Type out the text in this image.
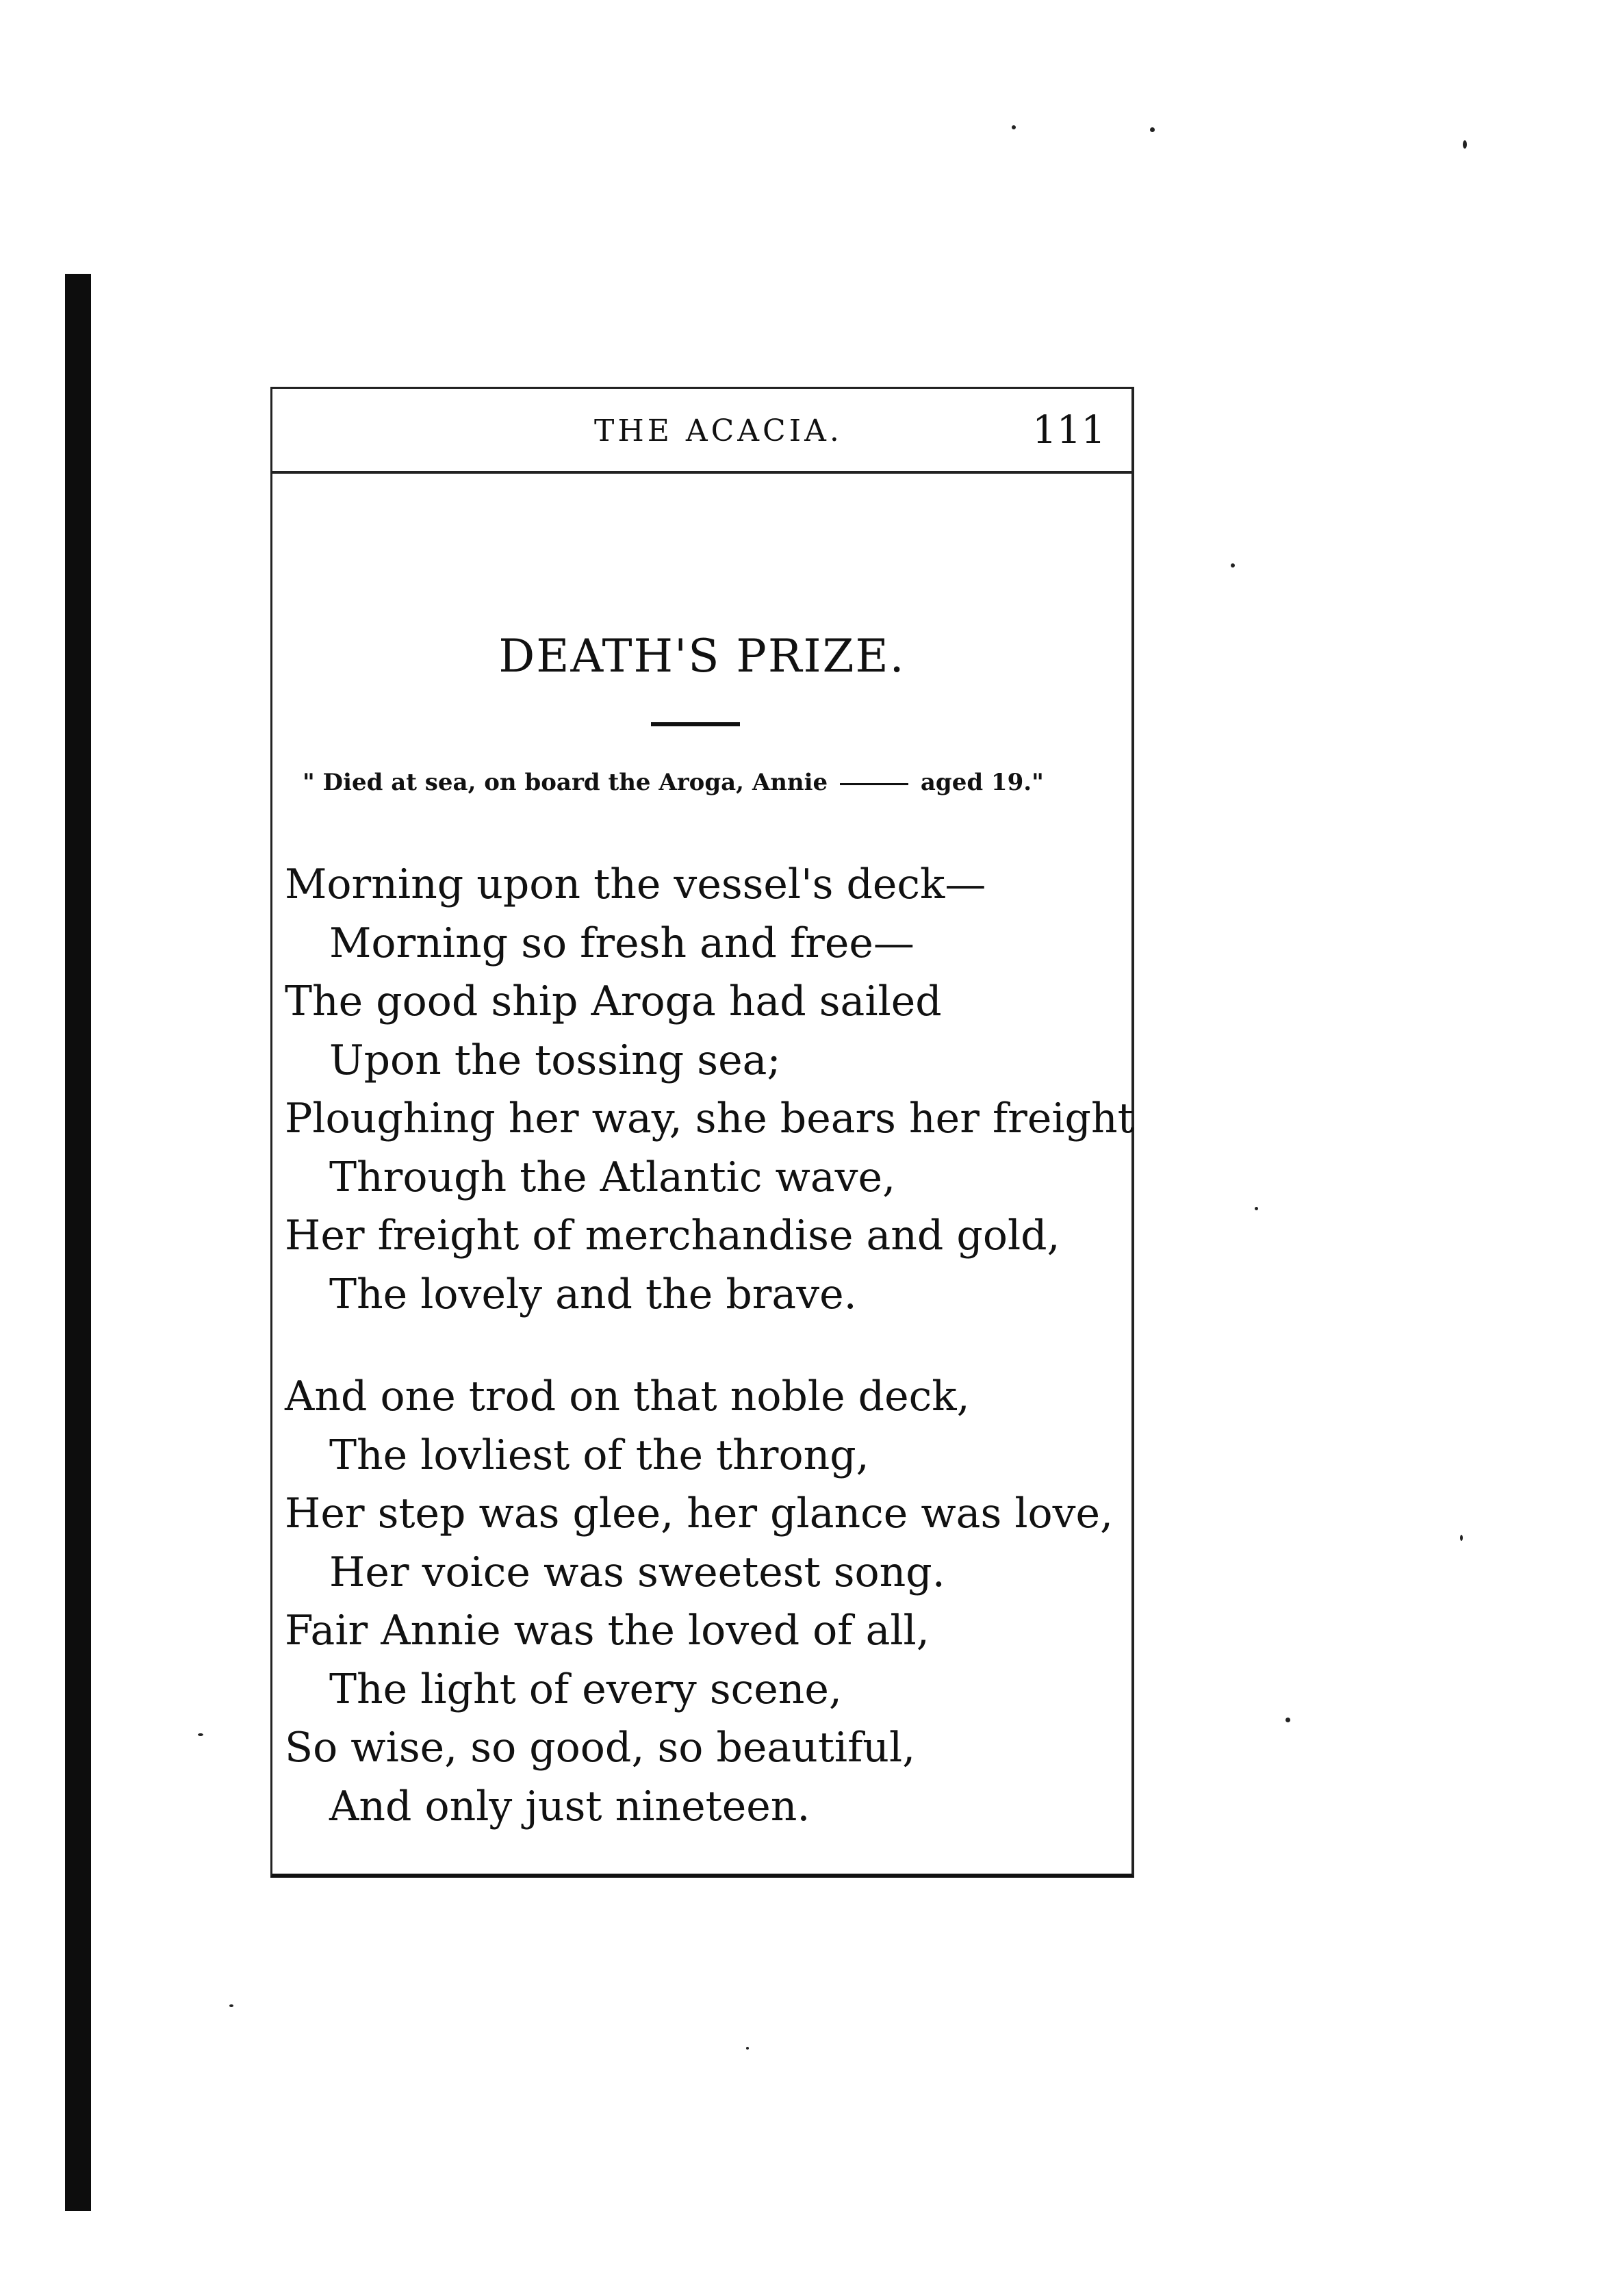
THE ACACIA.	111
DEATH'S PRIZE.
" Died at sea, on board the Aroga, Annie	aged 19."
Morning upon the vessel's deck—
Morning so fresh and free—
The good ship Aroga had sailed
Upon the tossing sea;
Ploughing her way, she bears her freight
Through the Atlantic wave,
Her freight of merchandise and gold,
The lovely and the brave.
And one trod on that noble deck,
The lovliest of the throng,
Her step was glee, her glance was love,
Her voice was sweetest song.
Fair Annie was the loved of all,
The light of every scene,
So wise, so good, so beautiful,
And only just nineteen.
